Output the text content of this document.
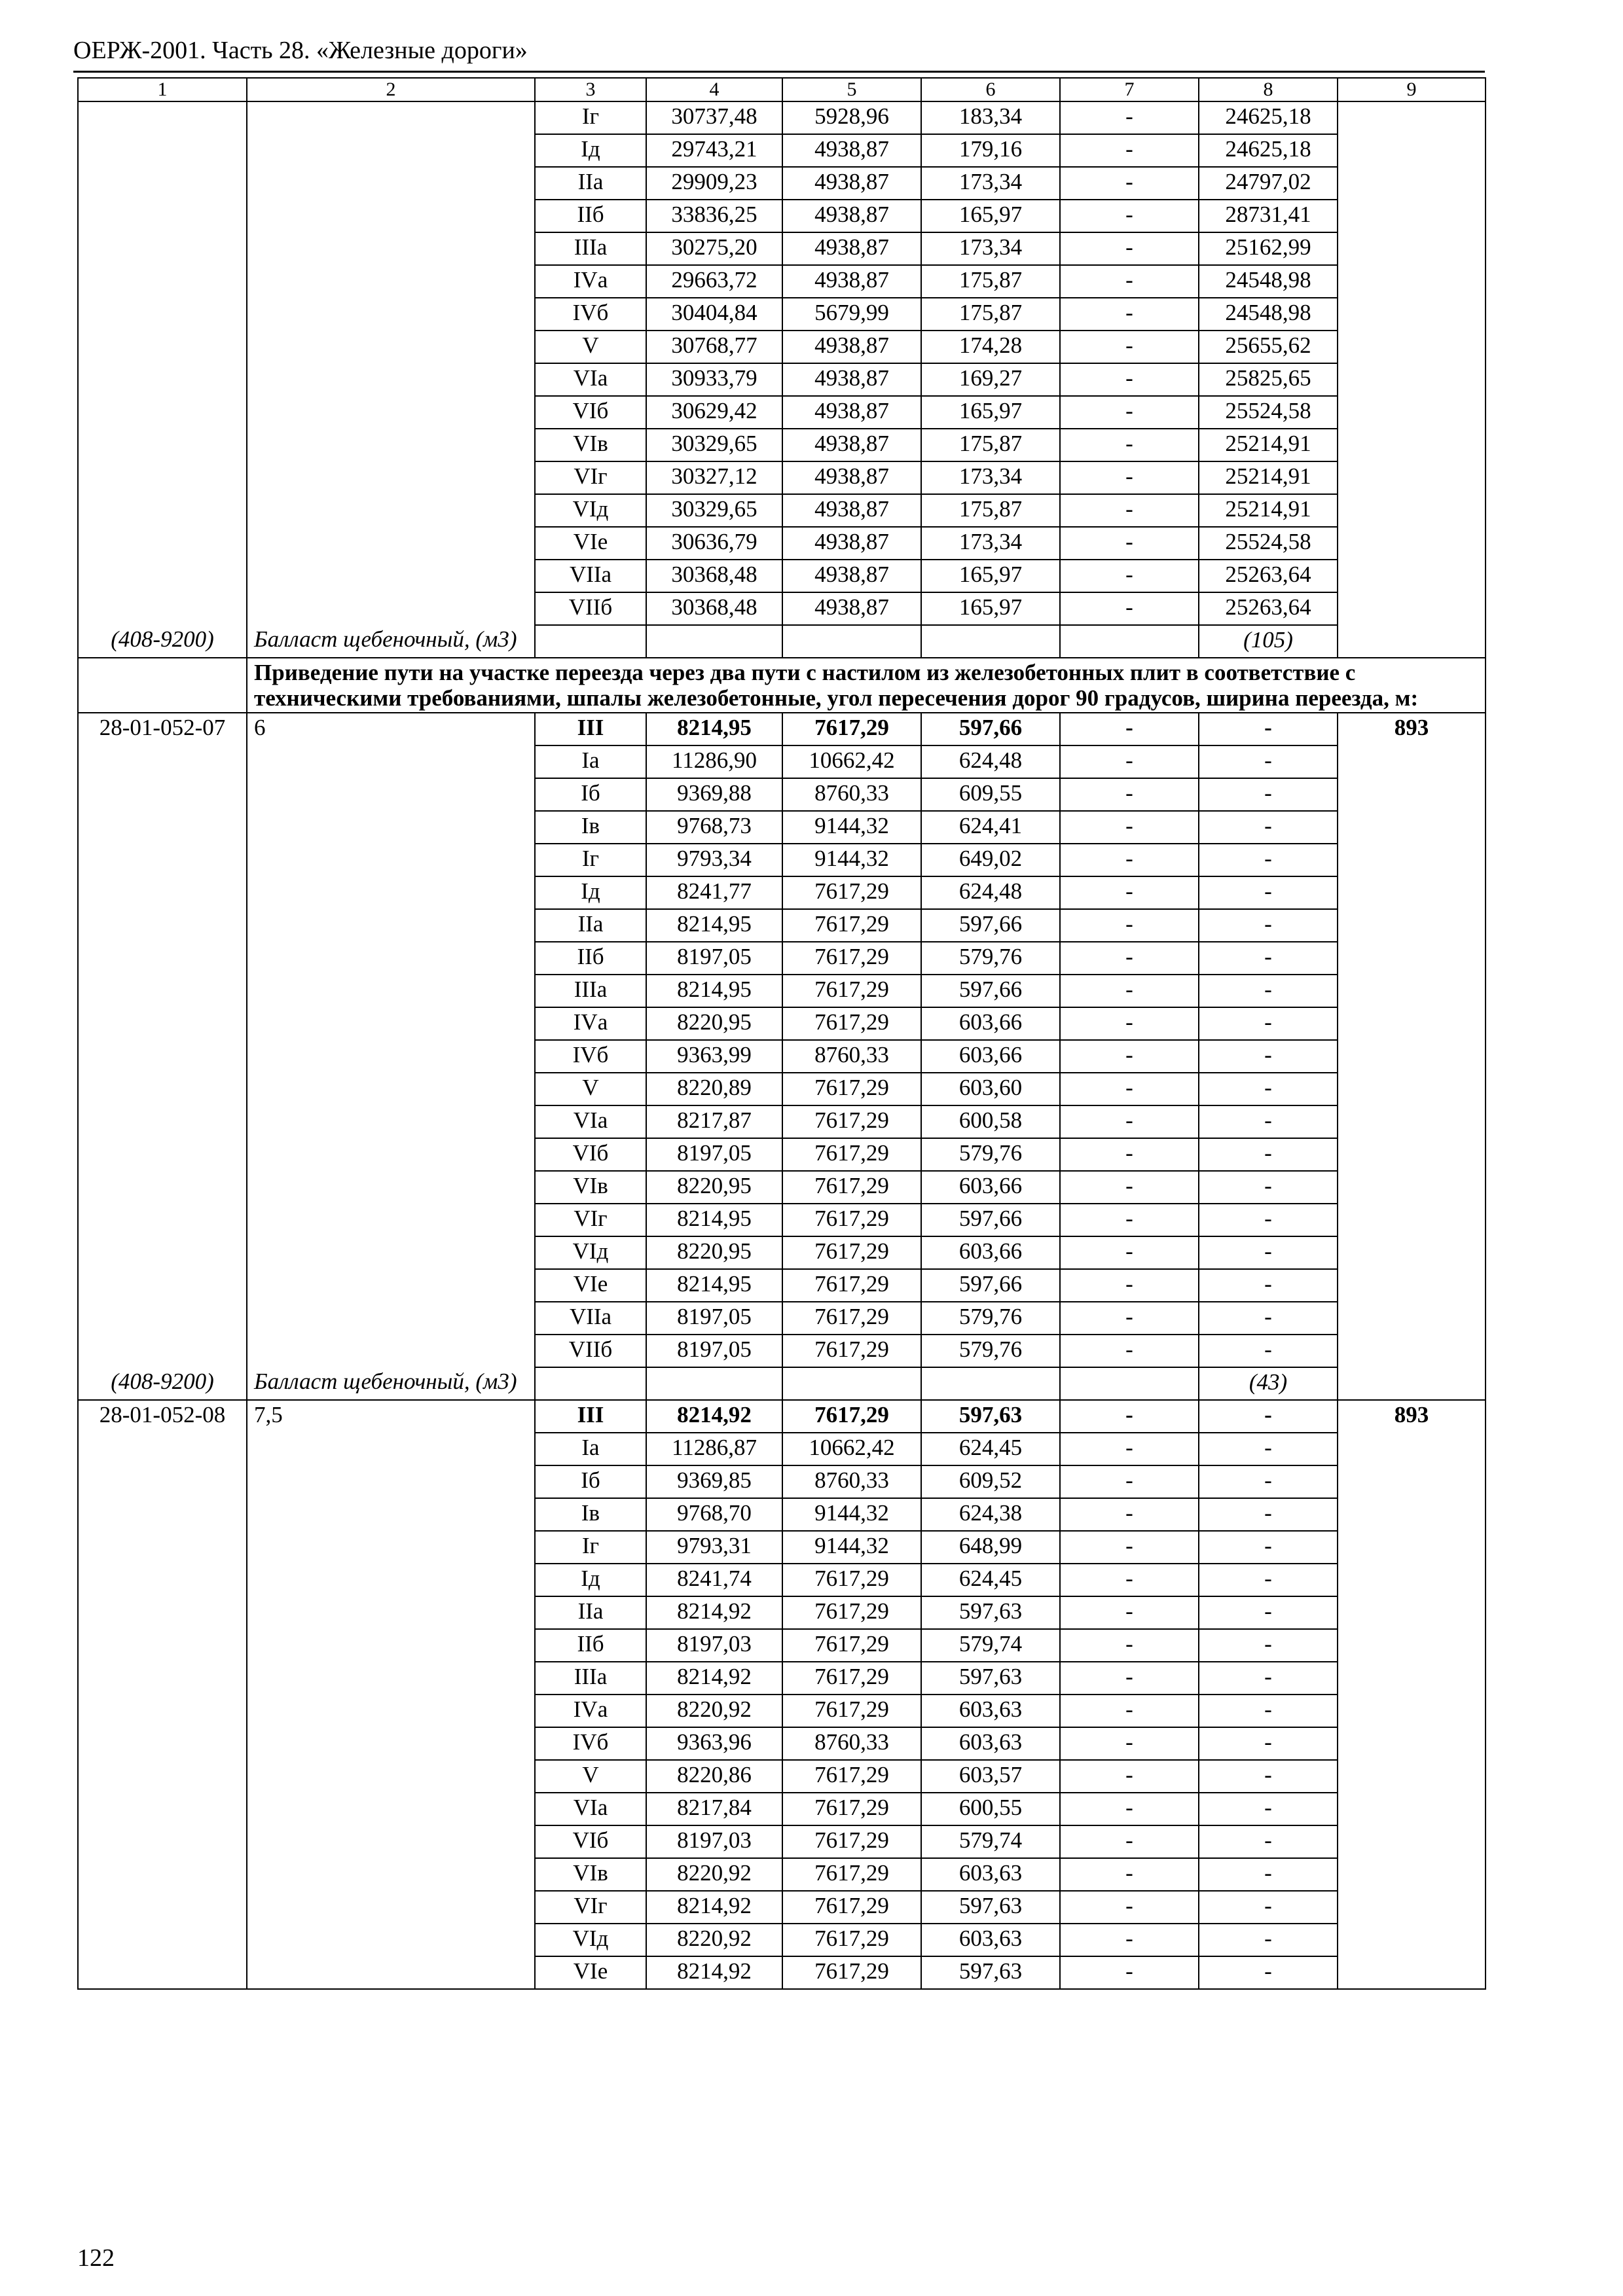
ОЕРЖ-2001. Часть 28. «Железные дороги»
1	2	3	4	5	6	7	8	9
		Iг	30737,48	5928,96	183,34	-	24625,18	
		Iд	29743,21	4938,87	179,16	-	24625,18	
		IIа	29909,23	4938,87	173,34	-	24797,02	
		IIб	33836,25	4938,87	165,97	-	28731,41	
		IIIа	30275,20	4938,87	173,34	-	25162,99	
		IVа	29663,72	4938,87	175,87	-	24548,98	
		IVб	30404,84	5679,99	175,87	-	24548,98	
		V	30768,77	4938,87	174,28	-	25655,62	
		VIа	30933,79	4938,87	169,27	-	25825,65	
		VIб	30629,42	4938,87	165,97	-	25524,58	
		VIв	30329,65	4938,87	175,87	-	25214,91	
		VIг	30327,12	4938,87	173,34	-	25214,91	
		VIд	30329,65	4938,87	175,87	-	25214,91	
		VIе	30636,79	4938,87	173,34	-	25524,58	
		VIIа	30368,48	4938,87	165,97	-	25263,64	
		VIIб	30368,48	4938,87	165,97	-	25263,64	
(408-9200)	Балласт щебеночный, (м3)						(105)	
	Приведение пути на участке переезда через два пути с настилом из железобетонных плит в соответствие с техническими требованиями, шпалы железобетонные, угол пересечения дорог 90 градусов, ширина переезда, м:							
28-01-052-07	6	III	8214,95	7617,29	597,66	-	-	893
		Iа	11286,90	10662,42	624,48	-	-	
		Iб	9369,88	8760,33	609,55	-	-	
		Iв	9768,73	9144,32	624,41	-	-	
		Iг	9793,34	9144,32	649,02	-	-	
		Iд	8241,77	7617,29	624,48	-	-	
		IIа	8214,95	7617,29	597,66	-	-	
		IIб	8197,05	7617,29	579,76	-	-	
		IIIа	8214,95	7617,29	597,66	-	-	
		IVа	8220,95	7617,29	603,66	-	-	
		IVб	9363,99	8760,33	603,66	-	-	
		V	8220,89	7617,29	603,60	-	-	
		VIа	8217,87	7617,29	600,58	-	-	
		VIб	8197,05	7617,29	579,76	-	-	
		VIв	8220,95	7617,29	603,66	-	-	
		VIг	8214,95	7617,29	597,66	-	-	
		VIд	8220,95	7617,29	603,66	-	-	
		VIе	8214,95	7617,29	597,66	-	-	
		VIIа	8197,05	7617,29	579,76	-	-	
		VIIб	8197,05	7617,29	579,76	-	-	
(408-9200)	Балласт щебеночный, (м3)						(43)	
28-01-052-08	7,5	III	8214,92	7617,29	597,63	-	-	893
		Iа	11286,87	10662,42	624,45	-	-	
		Iб	9369,85	8760,33	609,52	-	-	
		Iв	9768,70	9144,32	624,38	-	-	
		Iг	9793,31	9144,32	648,99	-	-	
		Iд	8241,74	7617,29	624,45	-	-	
		IIа	8214,92	7617,29	597,63	-	-	
		IIб	8197,03	7617,29	579,74	-	-	
		IIIа	8214,92	7617,29	597,63	-	-	
		IVа	8220,92	7617,29	603,63	-	-	
		IVб	9363,96	8760,33	603,63	-	-	
		V	8220,86	7617,29	603,57	-	-	
		VIа	8217,84	7617,29	600,55	-	-	
		VIб	8197,03	7617,29	579,74	-	-	
		VIв	8220,92	7617,29	603,63	-	-	
		VIг	8214,92	7617,29	597,63	-	-	
		VIд	8220,92	7617,29	603,63	-	-	
		VIе	8214,92	7617,29	597,63	-	-	
122
